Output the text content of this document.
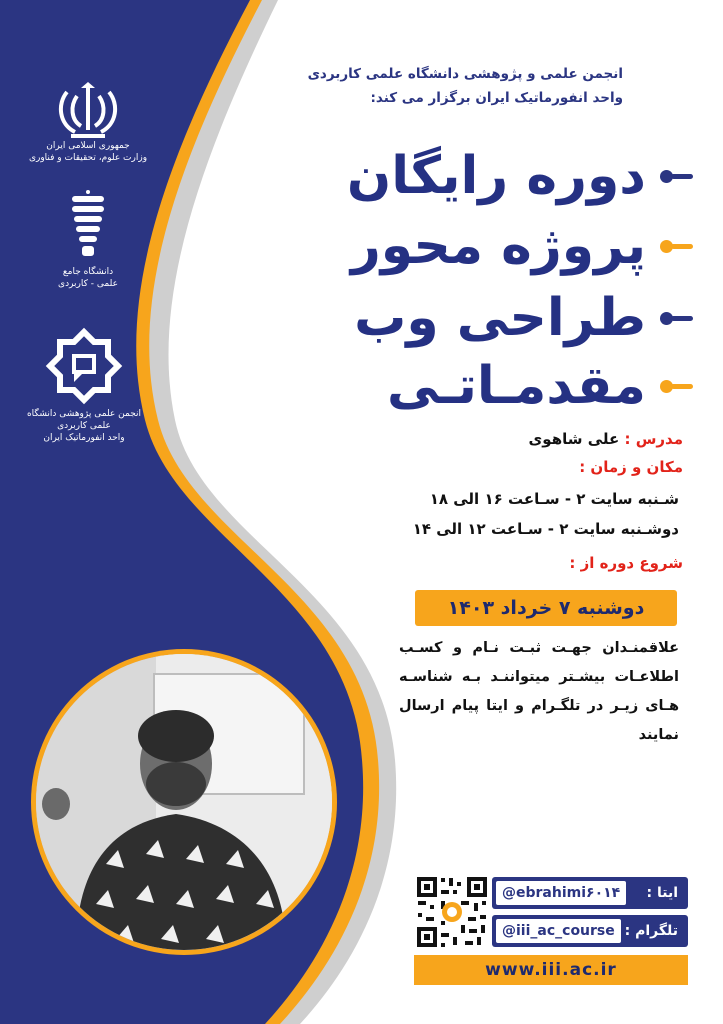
جمهوری اسلامی ایران
وزارت علوم، تحقیقات و فناوری
دانشگاه جامع
علمی - کاربردی
انجمن علمی پژوهشی دانشگاه علمی کاربردی
واحد انفورماتیک ایران
انجمن علمی و پژوهشی دانشگاه علمی کاربردی
واحد انفورماتیک ایران برگزار می کند:
دوره رایگان
پروژه محور
طراحی وب
مقدمـاتـی
مدرس : علی شاهوی
مکان و زمان :
شـنبه سایت ۲ - سـاعت ۱۶ الی ۱۸
دوشـنبه سایت ۲ - سـاعت ۱۲ الی ۱۴
شروع دوره از :
دوشنبه ۷ خرداد ۱۴۰۳
علاقمنـدان جهـت ثبـت نـام و کسـب اطلاعـات بیشـتر میتواننـد بـه شناسـه هـای زیـر در تلگـرام و ایتا پیام ارسال نمایند
ایتا :
@ebrahimi۶۰۱۴
تلگرام :
@iii_ac_course
www.iii.ac.ir
